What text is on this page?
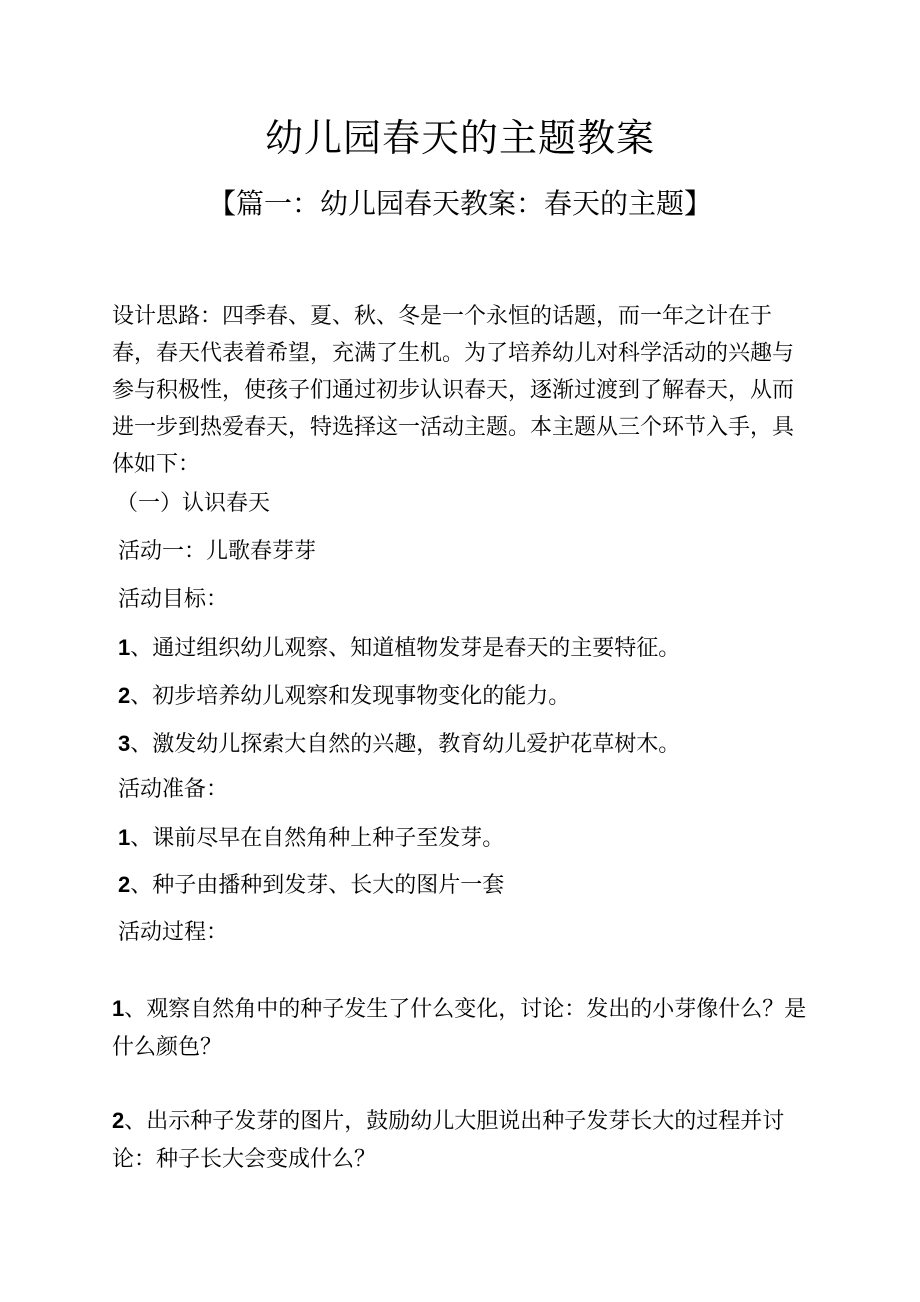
幼儿园春天的主题教案
【篇一：幼儿园春天教案：春天的主题】

设计思路：四季春、夏、秋、冬是一个永恒的话题，而一年之计在于春，春天代表着希望，充满了生机。为了培养幼儿对科学活动的兴趣与参与积极性，使孩子们通过初步认识春天，逐渐过渡到了解春天，从而进一步到热爱春天，特选择这一活动主题。本主题从三个环节入手，具体如下：

（一）认识春天
活动一：儿歌春芽芽
活动目标：
1、通过组织幼儿观察、知道植物发芽是春天的主要特征。
2、初步培养幼儿观察和发现事物变化的能力。
3、激发幼儿探索大自然的兴趣，教育幼儿爱护花草树木。
活动准备：
1、课前尽早在自然角种上种子至发芽。
2、种子由播种到发芽、长大的图片一套
活动过程：

1、观察自然角中的种子发生了什么变化，讨论：发出的小芽像什么？是什么颜色？

2、出示种子发芽的图片，鼓励幼儿大胆说出种子发芽长大的过程并讨论：种子长大会变成什么？
